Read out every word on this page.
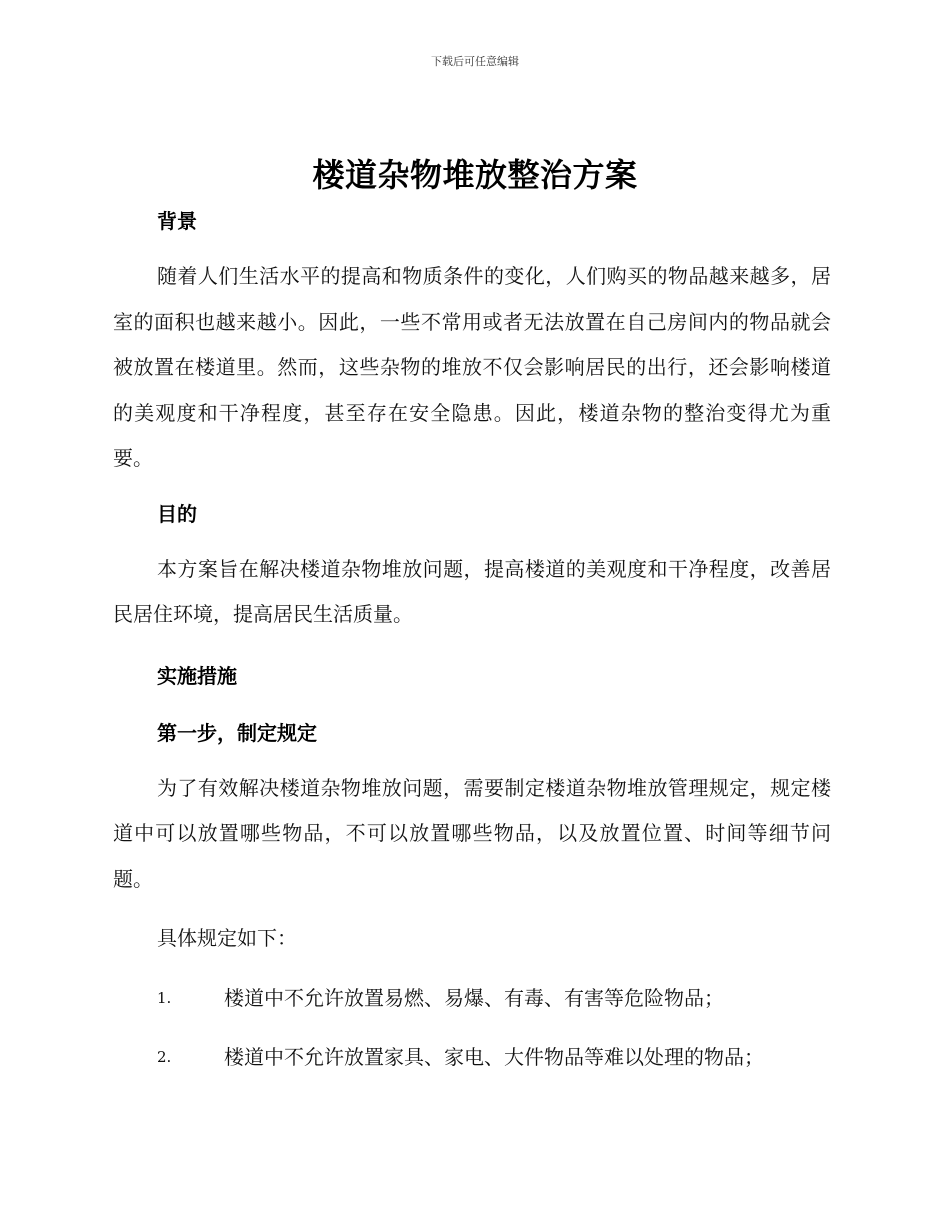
下载后可任意编辑
楼道杂物堆放整治方案

背景

随着人们生活水平的提高和物质条件的变化，人们购买的物品越来越多，居室的面积也越来越小。因此，一些不常用或者无法放置在自己房间内的物品就会被放置在楼道里。然而，这些杂物的堆放不仅会影响居民的出行，还会影响楼道的美观度和干净程度，甚至存在安全隐患。因此，楼道杂物的整治变得尤为重要。

目的

本方案旨在解决楼道杂物堆放问题，提高楼道的美观度和干净程度，改善居民居住环境，提高居民生活质量。

实施措施

第一步，制定规定

为了有效解决楼道杂物堆放问题，需要制定楼道杂物堆放管理规定，规定楼道中可以放置哪些物品，不可以放置哪些物品，以及放置位置、时间等细节问题。

具体规定如下：

1.	楼道中不允许放置易燃、易爆、有毒、有害等危险物品；
2.	楼道中不允许放置家具、家电、大件物品等难以处理的物品；
